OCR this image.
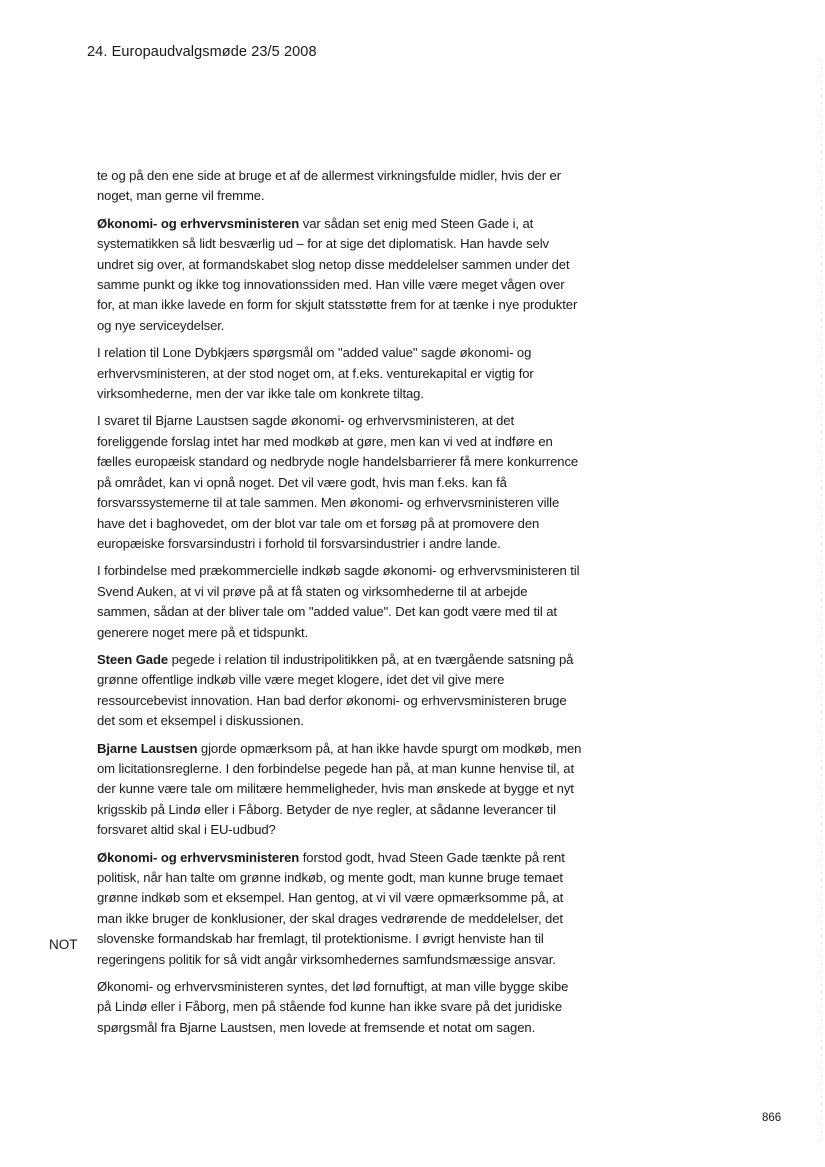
24. Europaudvalgsmøde 23/5 2008

te og på den ene side at bruge et af de allermest virkningsfulde midler, hvis der er noget, man gerne vil fremme.

Økonomi- og erhvervsministeren var sådan set enig med Steen Gade i, at systematikken så lidt besværlig ud – for at sige det diplomatisk. Han havde selv undret sig over, at formandskabet slog netop disse meddelelser sammen under det samme punkt og ikke tog innovationssiden med. Han ville være meget vågen over for, at man ikke lavede en form for skjult statsstøtte frem for at tænke i nye produkter og nye serviceydelser.

I relation til Lone Dybkjærs spørgsmål om "added value" sagde økonomi- og erhvervsministeren, at der stod noget om, at f.eks. venturekapital er vigtig for virksomhederne, men der var ikke tale om konkrete tiltag.

I svaret til Bjarne Laustsen sagde økonomi- og erhvervsministeren, at det foreliggende forslag intet har med modkøb at gøre, men kan vi ved at indføre en fælles europæisk standard og nedbryde nogle handelsbarrierer få mere konkurrence på området, kan vi opnå noget. Det vil være godt, hvis man f.eks. kan få forsvarssystemerne til at tale sammen. Men økonomi- og erhvervsministeren ville have det i baghovedet, om der blot var tale om et forsøg på at promovere den europæiske forsvarsindustri i forhold til forsvarsindustrier i andre lande.

I forbindelse med prækommercielle indkøb sagde økonomi- og erhvervsministeren til Svend Auken, at vi vil prøve på at få staten og virksomhederne til at arbejde sammen, sådan at der bliver tale om "added value". Det kan godt være med til at generere noget mere på et tidspunkt.

Steen Gade pegede i relation til industripolitikken på, at en tværgående satsning på grønne offentlige indkøb ville være meget klogere, idet det vil give mere ressourcebevist innovation. Han bad derfor økonomi- og erhvervsministeren bruge det som et eksempel i diskussionen.

Bjarne Laustsen gjorde opmærksom på, at han ikke havde spurgt om modkøb, men om licitationsreglerne. I den forbindelse pegede han på, at man kunne henvise til, at der kunne være tale om militære hemmeligheder, hvis man ønskede at bygge et nyt krigsskib på Lindø eller i Fåborg. Betyder de nye regler, at sådanne leverancer til forsvaret altid skal i EU-udbud?

Økonomi- og erhvervsministeren forstod godt, hvad Steen Gade tænkte på rent politisk, når han talte om grønne indkøb, og mente godt, man kunne bruge temaet grønne indkøb som et eksempel. Han gentog, at vi vil være opmærksomme på, at man ikke bruger de konklusioner, der skal drages vedrørende de meddelelser, det slovenske formandskab har fremlagt, til protektionisme. I øvrigt henviste han til regeringens politik for så vidt angår virksomhedernes samfundsmæssige ansvar.

Økonomi- og erhvervsministeren syntes, det lød fornuftigt, at man ville bygge skibe på Lindø eller i Fåborg, men på stående fod kunne han ikke svare på det juridiske spørgsmål fra Bjarne Laustsen, men lovede at fremsende et notat om sagen.

NOT
866
